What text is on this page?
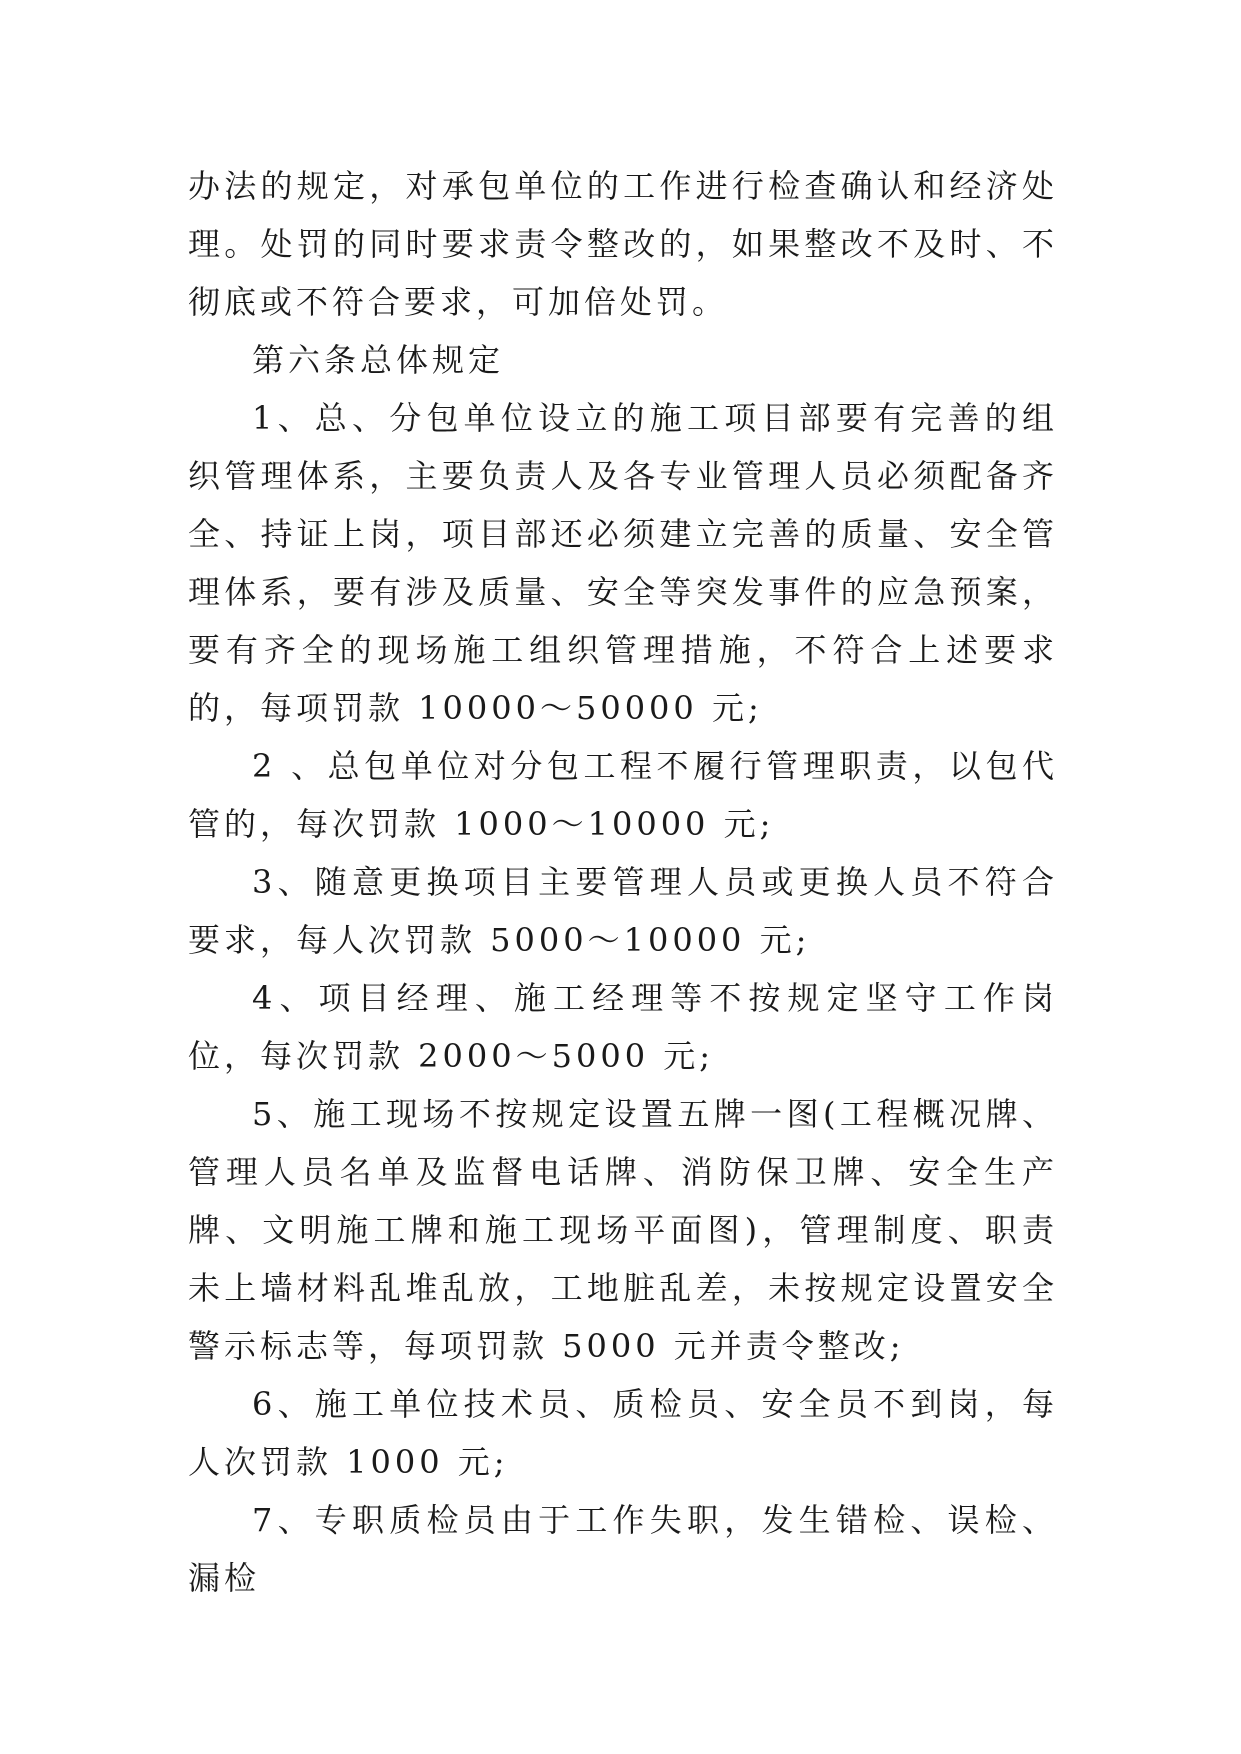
办法的规定，对承包单位的工作进行检查确认和经济处理。处罚的同时要求责令整改的，如果整改不及时、不彻底或不符合要求，可加倍处罚。

第六条总体规定

1、总、分包单位设立的施工项目部要有完善的组织管理体系，主要负责人及各专业管理人员必须配备齐全、持证上岗，项目部还必须建立完善的质量、安全管理体系，要有涉及质量、安全等突发事件的应急预案，要有齐全的现场施工组织管理措施，不符合上述要求的，每项罚款 10000～50000 元;

2 、总包单位对分包工程不履行管理职责，以包代管的，每次罚款 1000～10000 元;

3、随意更换项目主要管理人员或更换人员不符合要求，每人次罚款 5000～10000 元;

4、项目经理、施工经理等不按规定坚守工作岗位，每次罚款 2000～5000 元;

5、施工现场不按规定设置五牌一图(工程概况牌、管理人员名单及监督电话牌、消防保卫牌、安全生产牌、文明施工牌和施工现场平面图)，管理制度、职责未上墙材料乱堆乱放，工地脏乱差，未按规定设置安全警示标志等，每项罚款 5000 元并责令整改;

6、施工单位技术员、质检员、安全员不到岗，每人次罚款 1000 元;

7、专职质检员由于工作失职，发生错检、误检、漏检
